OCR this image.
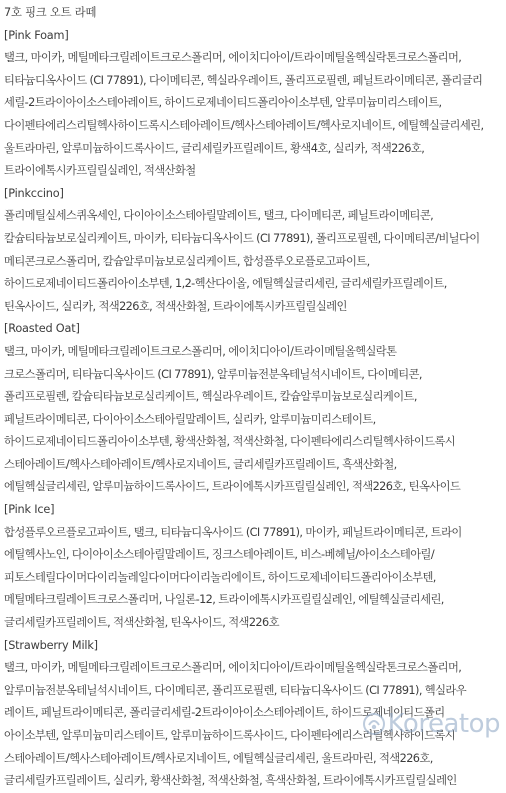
7호 핑크 오트 라떼
[Pink Foam]
탤크, 마이카, 메틸메타크릴레이트크로스폴리머, 에이치디아이/트라이메틸올헥실락톤크로스폴리머,
티타늄디옥사이드 (CI 77891), 다이메티콘, 헥실라우레이트, 폴리프로필렌, 페닐트라이메티콘, 폴리글리
세릴-2트라이아이소스테아레이트, 하이드로제네이티드폴리아이소부텐, 알루미늄미리스테이트,
다이펜타에리스리틸헥사하이드록시스테아레이트/헥사스테아레이트/헥사로지네이트, 에틸헥실글리세린,
울트라마린, 알루미늄하이드록사이드, 글리세릴카프릴레이트, 황색4호, 실리카, 적색226호,
트라이에톡시카프릴릴실레인, 적색산화철
[Pinkccino]
폴리메틸실세스퀴옥세인, 다이아이소스테아릴말레이트, 탤크, 다이메티콘, 페닐트라이메티콘,
칼슘티타늄보로실리케이트, 마이카, 티타늄디옥사이드 (CI 77891), 폴리프로필렌, 다이메티콘/비닐다이
메티콘크로스폴리머, 칼슘알루미늄보로실리케이트, 합성플루오로플로고파이트,
하이드로제네이티드폴리아이소부텐, 1,2-헥산다이올, 에틸헥실글리세린, 글리세릴카프릴레이트,
틴옥사이드, 실리카, 적색226호, 적색산화철, 트라이에톡시카프릴릴실레인
[Roasted Oat]
탤크, 마이카, 메틸메타크릴레이트크로스폴리머, 에이치디아이/트라이메틸올헥실락톤
크로스폴리머, 티타늄디옥사이드 (CI 77891), 알루미늄전분옥테닐석시네이트, 다이메티콘,
폴리프로필렌, 칼슘티타늄보로실리케이트, 헥실라우레이트, 칼슘알루미늄보로실리케이트,
페닐트라이메티콘, 다이아이소스테아릴말레이트, 실리카, 알루미늄미리스테이트,
하이드로제네이티드폴리아이소부텐, 황색산화철, 적색산화철, 다이펜타에리스리틸헥사하이드록시
스테아레이트/헥사스테아레이트/헥사로지네이트, 글리세릴카프릴레이트, 흑색산화철,
에틸헥실글리세린, 알루미늄하이드록사이드, 트라이에톡시카프릴릴실레인, 적색226호, 틴옥사이드
[Pink Ice]
합성플루오르플로고파이트, 탤크, 티타늄디옥사이드 (CI 77891), 마이카, 페닐트라이메티콘, 트라이
에틸헥사노인, 다이아이소스테아릴말레이트, 징크스테아레이트, 비스-베헤닐/아이소스테아릴/
피토스테릴다이머다이리놀레일다이머다이리놀리에이트, 하이드로제네이티드폴리아이소부텐,
메틸메타크릴레이트크로스폴리머, 나일론-12, 트라이에톡시카프릴릴실레인, 에틸헥실글리세린,
글리세릴카프릴레이트, 적색산화철, 틴옥사이드, 적색226호
[Strawberry Milk]
탤크, 마이카, 메틸메타크릴레이트크로스폴리머, 에이치디아이/트라이메틸올헥실락톤크로스폴리머,
알루미늄전분옥테닐석시네이트, 다이메티콘, 폴리프로필렌, 티타늄디옥사이드 (CI 77891), 헥실라우
레이트, 페닐트라이메티콘, 폴리글리세릴-2트라이아이소스테아레이트, 하이드로제네이티드폴리
아이소부텐, 알루미늄미리스테이트, 알루미늄하이드록사이드, 다이펜타에리스리틸헥사하이드록시
스테아레이트/헥사스테아레이트/헥사로지네이트, 에틸헥실글리세린, 울트라마린, 적색226호,
글리세릴카프릴레이트, 실리카, 황색산화철, 적색산화철, 흑색산화철, 트라이에톡시카프릴릴실레인
Koreatop
